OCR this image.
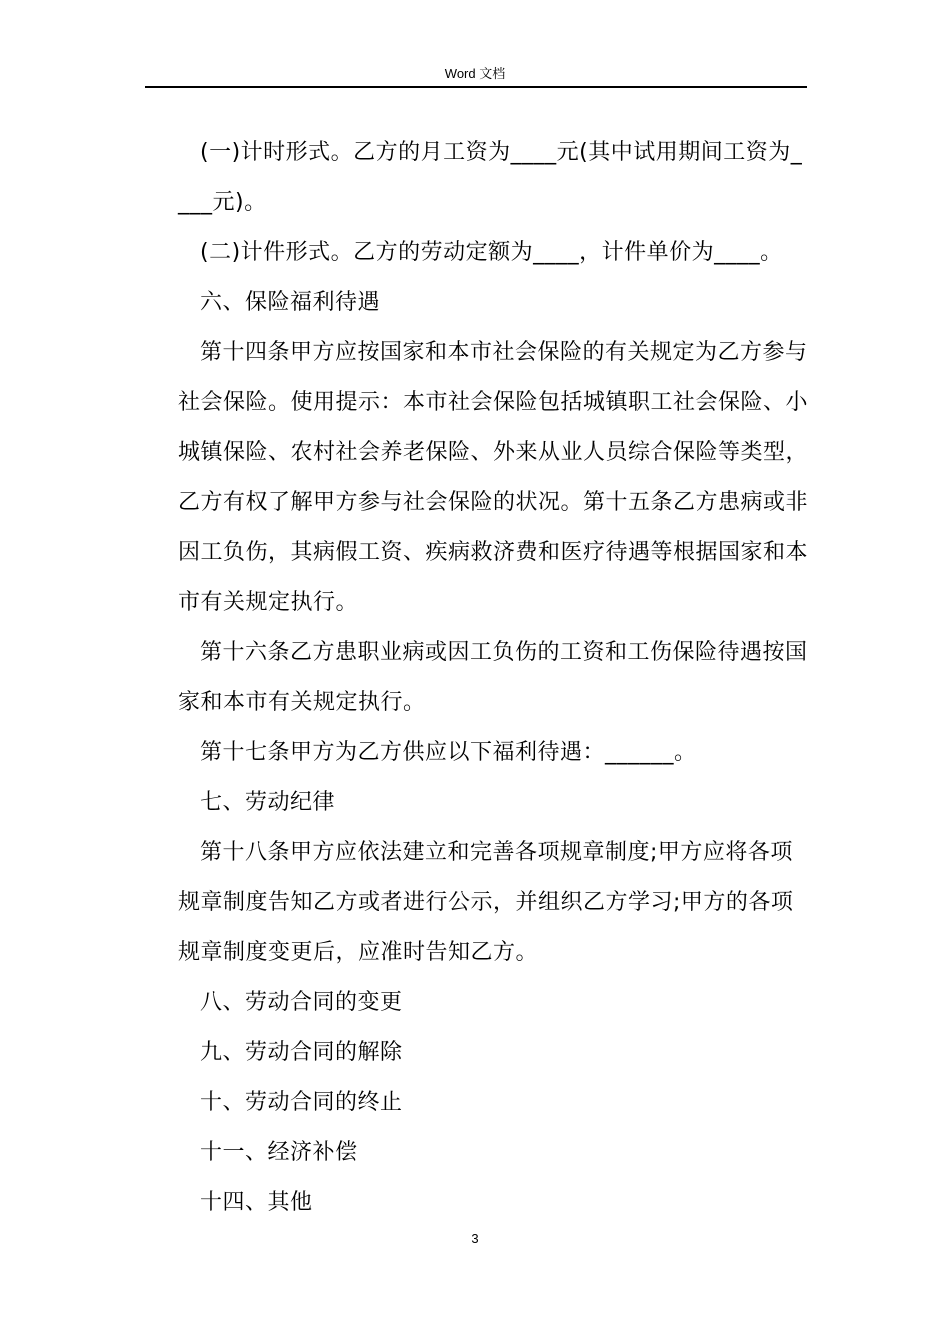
Word 文档

(一)计时形式。乙方的月工资为____元(其中试用期间工资为____元)。

(二)计件形式。乙方的劳动定额为____，计件单价为____。

六、保险福利待遇

第十四条甲方应按国家和本市社会保险的有关规定为乙方参与社会保险。使用提示：本市社会保险包括城镇职工社会保险、小城镇保险、农村社会养老保险、外来从业人员综合保险等类型，乙方有权了解甲方参与社会保险的状况。第十五条乙方患病或非因工负伤，其病假工资、疾病救济费和医疗待遇等根据国家和本市有关规定执行。

第十六条乙方患职业病或因工负伤的工资和工伤保险待遇按国家和本市有关规定执行。

第十七条甲方为乙方供应以下福利待遇：______。

七、劳动纪律

第十八条甲方应依法建立和完善各项规章制度;甲方应将各项规章制度告知乙方或者进行公示，并组织乙方学习;甲方的各项规章制度变更后，应准时告知乙方。

八、劳动合同的变更

九、劳动合同的解除

十、劳动合同的终止

十一、经济补偿

十四、其他

3
